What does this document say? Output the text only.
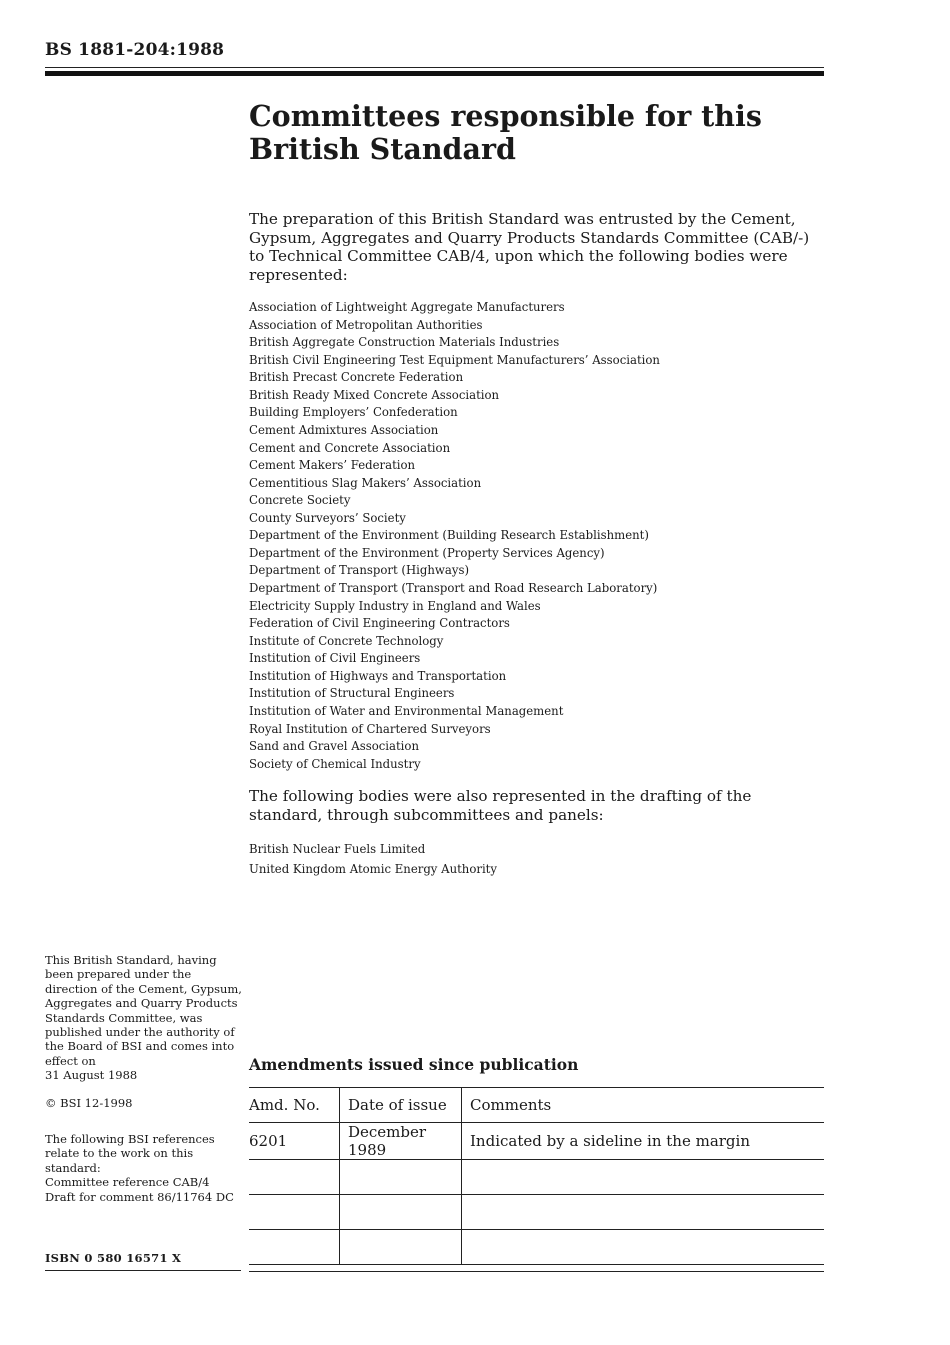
BS 1881-204:1988
Committees responsible for this
British Standard

The preparation of this British Standard was entrusted by the Cement, Gypsum, Aggregates and Quarry Products Standards Committee (CAB/-) to Technical Committee CAB/4, upon which the following bodies were represented:

Association of Lightweight Aggregate Manufacturers
Association of Metropolitan Authorities
British Aggregate Construction Materials Industries
British Civil Engineering Test Equipment Manufacturers’ Association
British Precast Concrete Federation
British Ready Mixed Concrete Association
Building Employers’ Confederation
Cement Admixtures Association
Cement and Concrete Association
Cement Makers’ Federation
Cementitious Slag Makers’ Association
Concrete Society
County Surveyors’ Society
Department of the Environment (Building Research Establishment)
Department of the Environment (Property Services Agency)
Department of Transport (Highways)
Department of Transport (Transport and Road Research Laboratory)
Electricity Supply Industry in England and Wales
Federation of Civil Engineering Contractors
Institute of Concrete Technology
Institution of Civil Engineers
Institution of Highways and Transportation
Institution of Structural Engineers
Institution of Water and Environmental Management
Royal Institution of Chartered Surveyors
Sand and Gravel Association
Society of Chemical Industry

The following bodies were also represented in the drafting of the standard, through subcommittees and panels:

British Nuclear Fuels Limited
United Kingdom Atomic Energy Authority

This British Standard, having been prepared under the direction of the Cement, Gypsum, Aggregates and Quarry Products Standards Committee, was published under the authority of the Board of BSI and comes into effect on
31 August 1988

© BSI 12-1998

The following BSI references relate to the work on this standard:
Committee reference CAB/4
Draft for comment 86/11764 DC

ISBN 0 580 16571 X
Amendments issued since publication
Amd. No.	Date of issue	Comments
6201	December 1989	Indicated by a sideline in the margin
